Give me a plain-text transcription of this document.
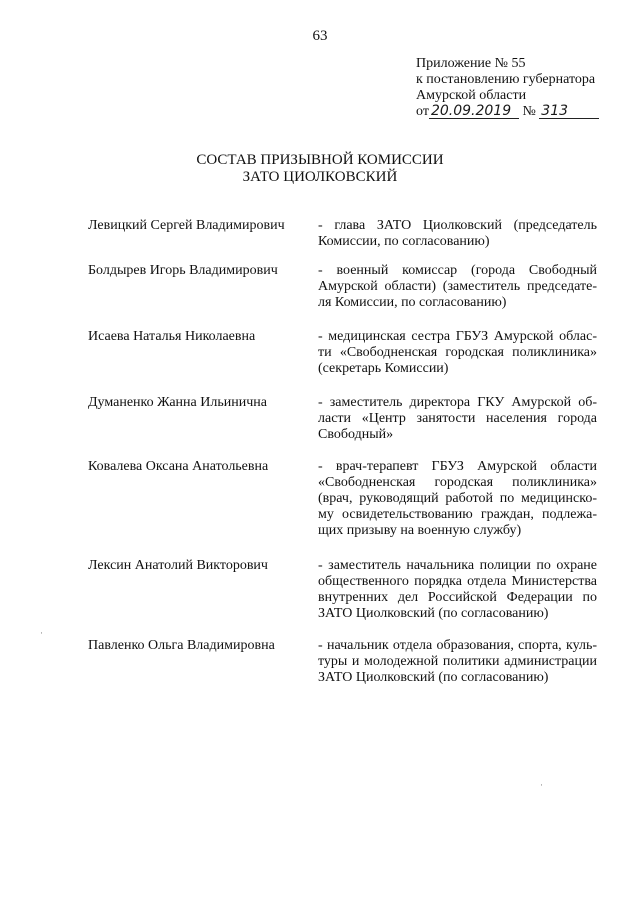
63
Приложение № 55
к постановлению губернатора
Амурской области
от 20.09.2019 № 313
СОСТАВ ПРИЗЫВНОЙ КОМИССИИ
ЗАТО ЦИОЛКОВСКИЙ
Левицкий Сергей Владимирович	- глава ЗАТО Циолковский (председатель Комиссии, по согласованию)
Болдырев Игорь Владимирович	- военный комиссар (города Свободный Амурской области) (заместитель председате-ля Комиссии, по согласованию)
Исаева Наталья Николаевна	- медицинская сестра ГБУЗ Амурской облас-ти «Свободненская городская поликлиника» (секретарь Комиссии)
Думаненко Жанна Ильинична	- заместитель директора ГКУ Амурской об-ласти «Центр занятости населения города Свободный»
Ковалева Оксана Анатольевна	- врач-терапевт ГБУЗ Амурской области «Свободненская городская поликлиника» (врач, руководящий работой по медицинско-му освидетельствованию граждан, подлежа-щих призыву на военную службу)
Лексин Анатолий Викторович	- заместитель начальника полиции по охране общественного порядка отдела Министерства внутренних дел Российской Федерации по ЗАТО Циолковский (по согласованию)
Павленко Ольга Владимировна	- начальник отдела образования, спорта, куль-туры и молодежной политики администрации ЗАТО Циолковский (по согласованию)
·
·
